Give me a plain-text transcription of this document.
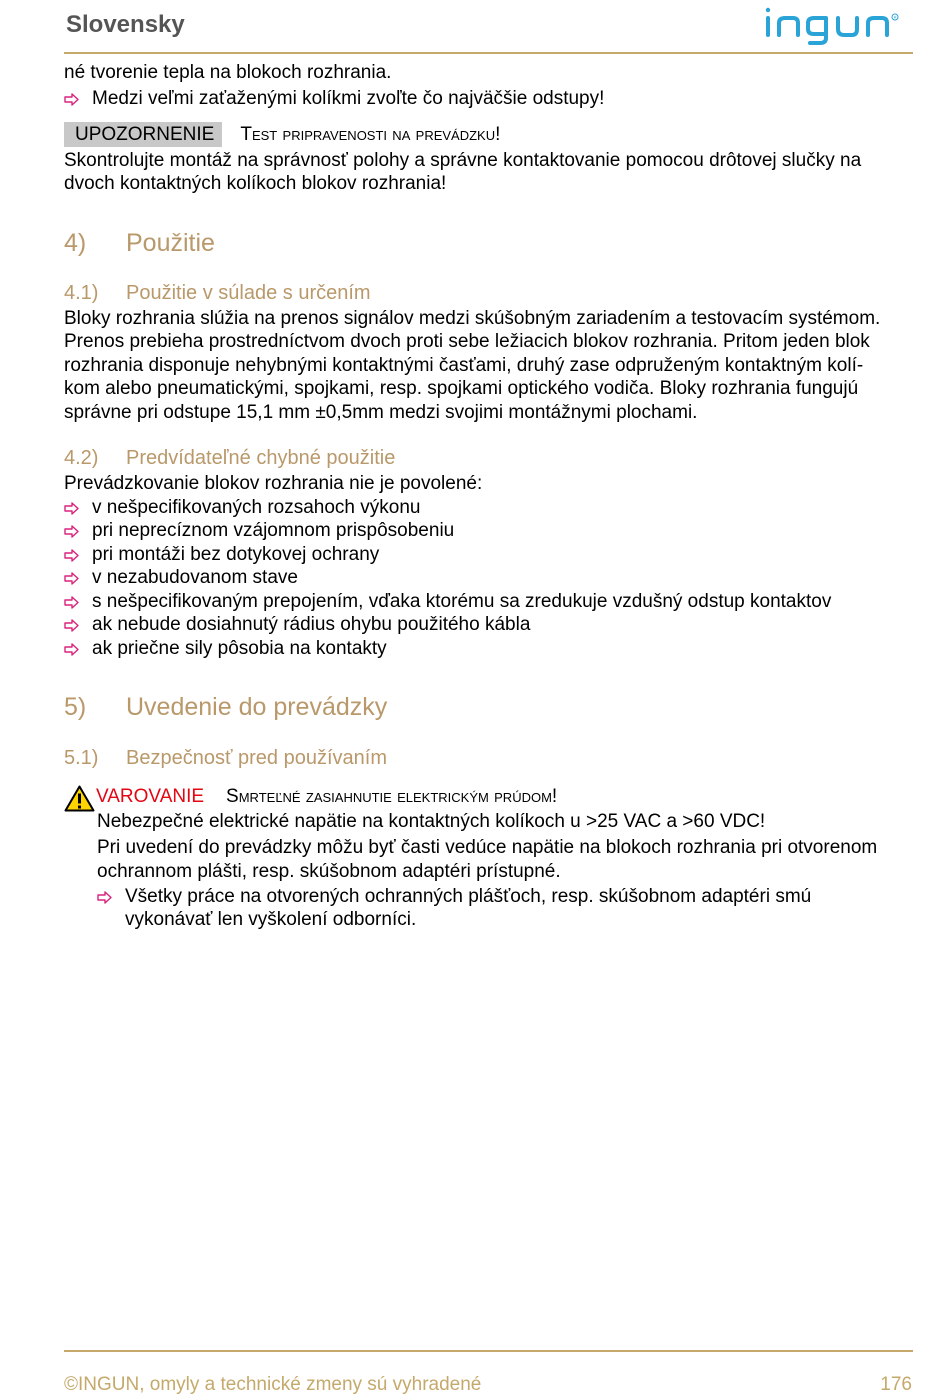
Slovensky	R
né tvorenie tepla na blokoch rozhrania.
Medzi veľmi zaťaženými kolíkmi zvoľte čo najväčšie odstupy!
UPOZORNENIE Test pripravenosti na prevádzku!
Skontrolujte montáž na správnosť polohy a správne kontaktovanie pomocou drôtovej slučky na
dvoch kontaktných kolíkoch blokov rozhrania!
4) Použitie
4.1) Použitie v súlade s určením
Bloky rozhrania slúžia na prenos signálov medzi skúšobným zariadením a testovacím systémom.
Prenos prebieha prostredníctvom dvoch proti sebe ležiacich blokov rozhrania. Pritom jeden blok
rozhrania disponuje nehybnými kontaktnými časťami, druhý zase odpruženým kontaktným kolí-
kom alebo pneumatickými, spojkami, resp. spojkami optického vodiča. Bloky rozhrania fungujú
správne pri odstupe 15,1 mm ±0,5mm medzi svojimi montážnymi plochami.
4.2) Predvídateľné chybné použitie
Prevádzkovanie blokov rozhrania nie je povolené:
v nešpecifikovaných rozsahoch výkonu
pri neprecíznom vzájomnom prispôsobeniu
pri montáži bez dotykovej ochrany
v nezabudovanom stave
s nešpecifikovaným prepojením, vďaka ktorému sa zredukuje vzdušný odstup kontaktov
ak nebude dosiahnutý rádius ohybu použitého kábla
ak priečne sily pôsobia na kontakty
5) Uvedenie do prevádzky
5.1) Bezpečnosť pred používaním
VAROVANIE Smrteľné zasiahnutie elektrickým prúdom!
Nebezpečné elektrické napätie na kontaktných kolíkoch u >25 VAC a >60 VDC!
Pri uvedení do prevádzky môžu byť časti vedúce napätie na blokoch rozhrania pri otvorenom
ochrannom plášti, resp. skúšobnom adaptéri prístupné.
Všetky práce na otvorených ochranných plášťoch, resp. skúšobnom adaptéri smú
vykonávať len vyškolení odborníci.
©INGUN, omyly a technické zmeny sú vyhradené	176
